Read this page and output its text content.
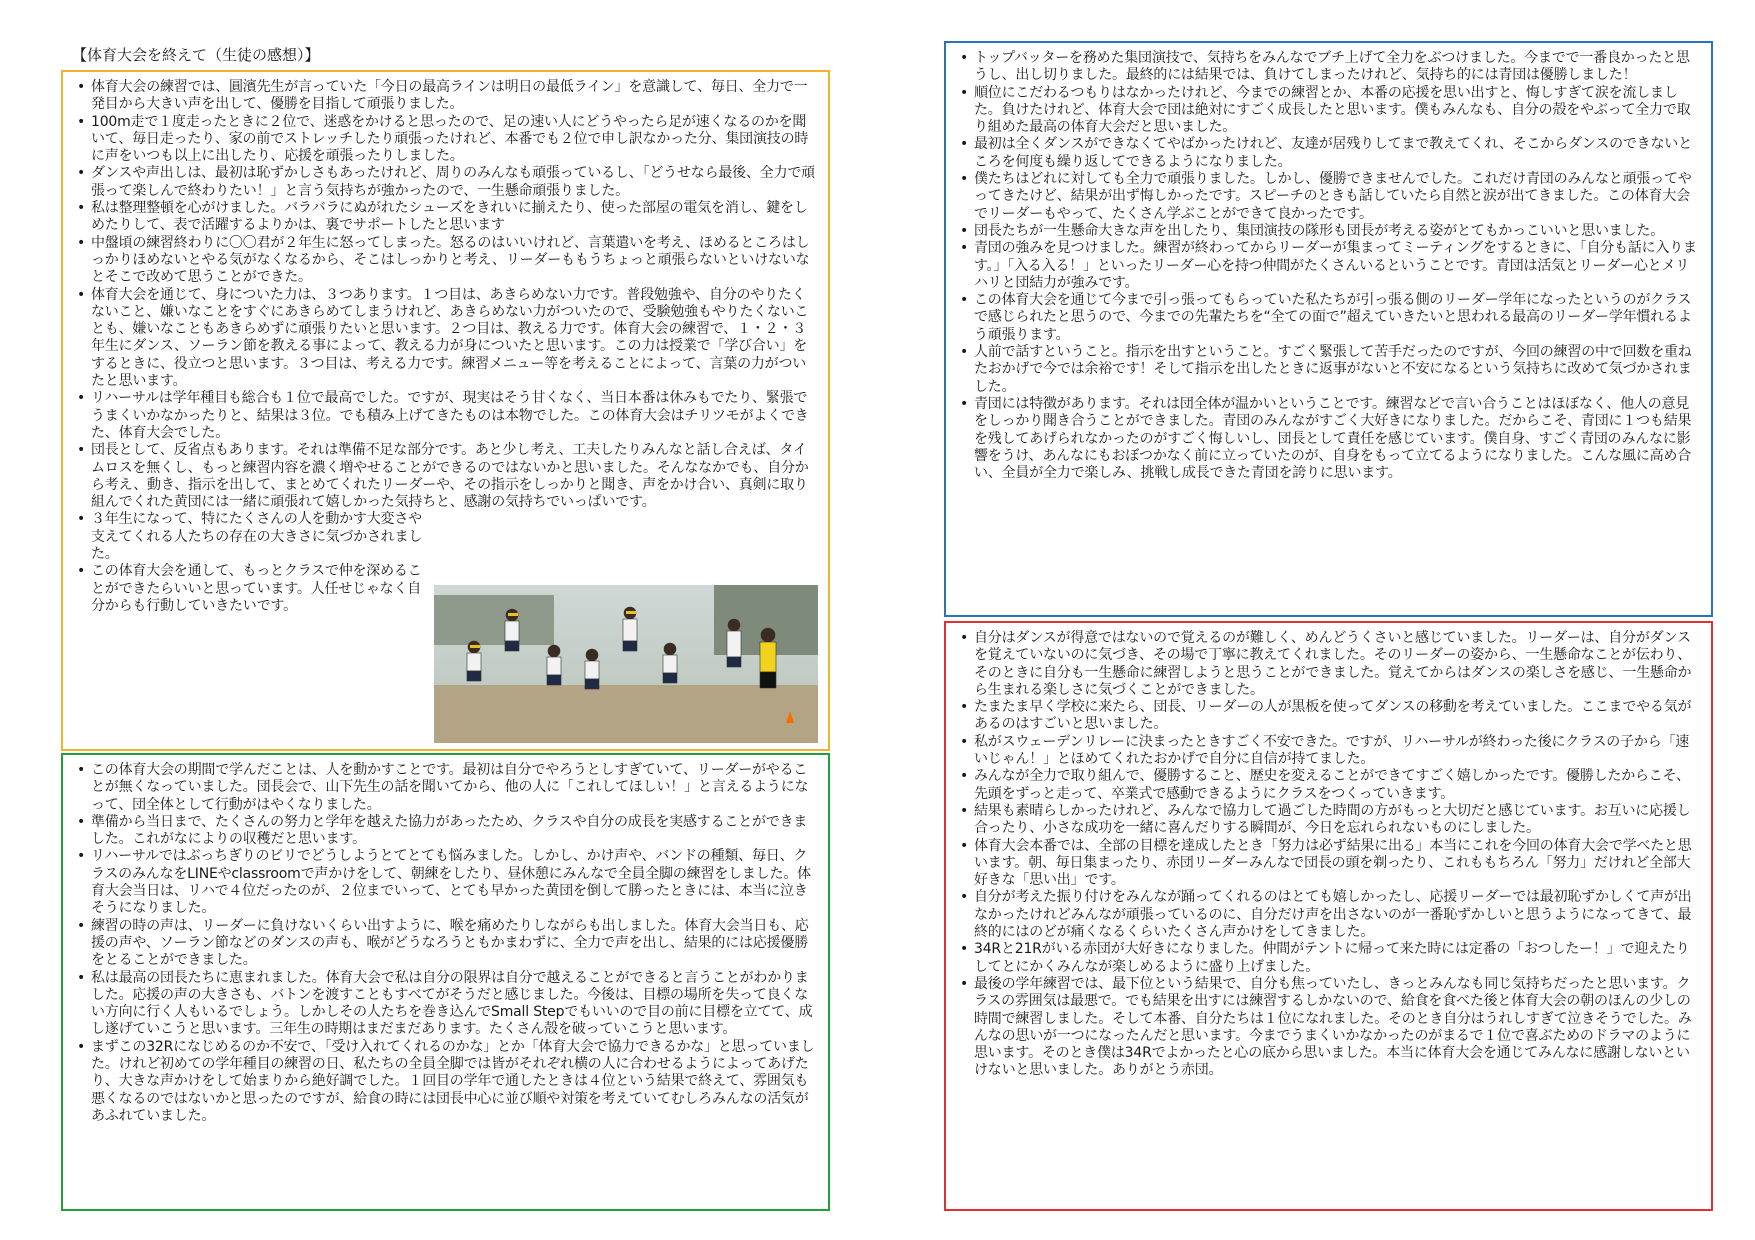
【体育大会を終えて（生徒の感想）】
• 体育大会の練習では、圓濱先生が言っていた「今日の最高ラインは明日の最低ライン」を意識して、毎日、全力で一発目から大きい声を出して、優勝を目指して頑張りました。
• 100m走で１度走ったときに２位で、迷惑をかけると思ったので、足の速い人にどうやったら足が速くなるのかを聞いて、毎日走ったり、家の前でストレッチしたり頑張ったけれど、本番でも２位で申し訳なかった分、集団演技の時に声をいつも以上に出したり、応援を頑張ったりしました。
• ダンスや声出しは、最初は恥ずかしさもあったけれど、周りのみんなも頑張っているし、「どうせなら最後、全力で頑張って楽しんで終わりたい！」と言う気持ちが強かったので、一生懸命頑張りました。
• 私は整理整頓を心がけました。バラバラにぬがれたシューズをきれいに揃えたり、使った部屋の電気を消し、鍵をしめたりして、表で活躍するよりかは、裏でサポートしたと思います
• 中盤頃の練習終わりに〇〇君が２年生に怒ってしまった。怒るのはいいけれど、言葉遣いを考え、ほめるところはしっかりほめないとやる気がなくなるから、そこはしっかりと考え、リーダーももうちょっと頑張らないといけないなとそこで改めて思うことができた。
• 体育大会を通じて、身についた力は、３つあります。１つ目は、あきらめない力です。普段勉強や、自分のやりたくないこと、嫌いなことをすぐにあきらめてしまうけれど、あきらめない力がついたので、受験勉強もやりたくないことも、嫌いなこともあきらめずに頑張りたいと思います。２つ目は、教える力です。体育大会の練習で、１・２・３年生にダンス、ソーラン節を教える事によって、教える力が身についたと思います。この力は授業で「学び合い」をするときに、役立つと思います。３つ目は、考える力です。練習メニュー等を考えることによって、言葉の力がついたと思います。
• リハーサルは学年種目も総合も１位で最高でした。ですが、現実はそう甘くなく、当日本番は休みもでたり、緊張でうまくいかなかったりと、結果は３位。でも積み上げてきたものは本物でした。この体育大会はチリツモがよくできた、体育大会でした。
• 団長として、反省点もあります。それは準備不足な部分です。あと少し考え、工夫したりみんなと話し合えば、タイムロスを無くし、もっと練習内容を濃く増やせることができるのではないかと思いました。そんななかでも、自分から考え、動き、指示を出して、まとめてくれたリーダーや、その指示をしっかりと聞き、声をかけ合い、真剣に取り組んでくれた黄団には一緒に頑張れて嬉しかった気持ちと、感謝の気持ちでいっぱいです。
• ３年生になって、特にたくさんの人を動かす大変さや支えてくれる人たちの存在の大きさに気づかされました。
• この体育大会を通して、もっとクラスで仲を深めることができたらいいと思っています。人任せじゃなく自分からも行動していきたいです。
• この体育大会の期間で学んだことは、人を動かすことです。最初は自分でやろうとしすぎていて、リーダーがやることが無くなっていました。団長会で、山下先生の話を聞いてから、他の人に「これしてほしい！」と言えるようになって、団全体として行動がはやくなりました。
• 準備から当日まで、たくさんの努力と学年を越えた協力があったため、クラスや自分の成長を実感することができました。これがなによりの収穫だと思います。
• リハーサルではぶっちぎりのビリでどうしようとてとても悩みました。しかし、かけ声や、バンドの種類、毎日、クラスのみんなをLINEやclassroomで声かけをして、朝練をしたり、昼休憩にみんなで全員全脚の練習をしました。体育大会当日は、リハで４位だったのが、２位までいって、とても早かった黄団を倒して勝ったときには、本当に泣きそうになりました。
• 練習の時の声は、リーダーに負けないくらい出すように、喉を痛めたりしながらも出しました。体育大会当日も、応援の声や、ソーラン節などのダンスの声も、喉がどうなろうともかまわずに、全力で声を出し、結果的には応援優勝をとることができました。
• 私は最高の団長たちに恵まれました。体育大会で私は自分の限界は自分で越えることができると言うことがわかりました。応援の声の大きさも、バトンを渡すこともすべてがそうだと感じました。今後は、目標の場所を失って良くない方向に行く人もいるでしょう。しかしその人たちを巻き込んでSmall Stepでもいいので目の前に目標を立てて、成し遂げていこうと思います。三年生の時期はまだまだあります。たくさん殻を破っていこうと思います。
• まずこの32Rになじめるのか不安で、「受け入れてくれるのかな」とか「体育大会で協力できるかな」と思っていました。けれど初めての学年種目の練習の日、私たちの全員全脚では皆がそれぞれ横の人に合わせるようによってあげたり、大きな声かけをして始まりから絶好調でした。１回目の学年で通したときは４位という結果で終えて、雰囲気も悪くなるのではないかと思ったのですが、給食の時には団長中心に並び順や対策を考えていてむしろみんなの活気があふれていました。
• トップバッターを務めた集団演技で、気持ちをみんなでブチ上げて全力をぶつけました。今までで一番良かったと思うし、出し切りました。最終的には結果では、負けてしまったけれど、気持ち的には青団は優勝しました！
• 順位にこだわるつもりはなかったけれど、今までの練習とか、本番の応援を思い出すと、悔しすぎて涙を流しました。負けたけれど、体育大会で団は絶対にすごく成長したと思います。僕もみんなも、自分の殻をやぶって全力で取り組めた最高の体育大会だと思いました。
• 最初は全くダンスができなくてやばかったけれど、友達が居残りしてまで教えてくれ、そこからダンスのできないところを何度も繰り返してできるようになりました。
• 僕たちはどれに対しても全力で頑張りました。しかし、優勝できませんでした。これだけ青団のみんなと頑張ってやってきたけど、結果が出ず悔しかったです。スピーチのときも話していたら自然と涙が出てきました。この体育大会でリーダーもやって、たくさん学ぶことができて良かったです。
• 団長たちが一生懸命大きな声を出したり、集団演技の隊形も団長が考える姿がとてもかっこいいと思いました。
• 青団の強みを見つけました。練習が終わってからリーダーが集まってミーティングをするときに、「自分も話に入ります。」「入る入る！」といったリーダー心を持つ仲間がたくさんいるということです。青団は活気とリーダー心とメリハリと団結力が強みです。
• この体育大会を通じて今まで引っ張ってもらっていた私たちが引っ張る側のリーダー学年になったというのがクラスで感じられたと思うので、今までの先輩たちを“全ての面で”超えていきたいと思われる最高のリーダー学年慣れるよう頑張ります。
• 人前で話すということ。指示を出すということ。すごく緊張して苦手だったのですが、今回の練習の中で回数を重ねたおかげで今では余裕です！そして指示を出したときに返事がないと不安になるという気持ちに改めて気づかされました。
• 青団には特徴があります。それは団全体が温かいということです。練習などで言い合うことはほぼなく、他人の意見をしっかり聞き合うことができました。青団のみんながすごく大好きになりました。だからこそ、青団に１つも結果を残してあげられなかったのがすごく悔しいし、団長として責任を感じています。僕自身、すごく青団のみんなに影響をうけ、あんなにもおぼつかなく前に立っていたのが、自身をもって立てるようになりました。こんな風に高め合い、全員が全力で楽しみ、挑戦し成長できた青団を誇りに思います。
• 自分はダンスが得意ではないので覚えるのが難しく、めんどうくさいと感じていました。リーダーは、自分がダンスを覚えていないのに気づき、その場で丁寧に教えてくれました。そのリーダーの姿から、一生懸命なことが伝わり、そのときに自分も一生懸命に練習しようと思うことができました。覚えてからはダンスの楽しさを感じ、一生懸命から生まれる楽しさに気づくことができました。
• たまたま早く学校に来たら、団長、リーダーの人が黒板を使ってダンスの移動を考えていました。ここまでやる気があるのはすごいと思いました。
• 私がスウェーデンリレーに決まったときすごく不安できた。ですが、リハーサルが終わった後にクラスの子から「速いじゃん！」とほめてくれたおかげで自分に自信が持てました。
• みんなが全力で取り組んで、優勝すること、歴史を変えることができてすごく嬉しかったです。優勝したからこそ、先頭をずっと走って、卒業式で感動できるようにクラスをつくっていきます。
• 結果も素晴らしかったけれど、みんなで協力して過ごした時間の方がもっと大切だと感じています。お互いに応援し合ったり、小さな成功を一緒に喜んだりする瞬間が、今日を忘れられないものにしました。
• 体育大会本番では、全部の目標を達成したとき「努力は必ず結果に出る」本当にこれを今回の体育大会で学べたと思います。朝、毎日集まったり、赤団リーダーみんなで団長の頭を剃ったり、これももちろん「努力」だけれど全部大好きな「思い出」です。
• 自分が考えた振り付けをみんなが踊ってくれるのはとても嬉しかったし、応援リーダーでは最初恥ずかしくて声が出なかったけれどみんなが頑張っているのに、自分だけ声を出さないのが一番恥ずかしいと思うようになってきて、最終的にはのどが痛くなるくらいたくさん声かけをしてきました。
• 34Rと21Rがいる赤団が大好きになりました。仲間がテントに帰って来た時には定番の「おつしたー！」で迎えたりしてとにかくみんなが楽しめるように盛り上げました。
• 最後の学年練習では、最下位という結果で、自分も焦っていたし、きっとみんなも同じ気持ちだったと思います。クラスの雰囲気は最悪で。でも結果を出すには練習するしかないので、給食を食べた後と体育大会の朝のほんの少しの時間で練習しました。そして本番、自分たちは１位になれました。そのとき自分はうれしすぎて泣きそうでした。みんなの思いが一つになったんだと思います。今までうまくいかなかったのがまるで１位で喜ぶためのドラマのように思います。そのとき僕は34Rでよかったと心の底から思いました。本当に体育大会を通じてみんなに感謝しないといけないと思いました。ありがとう赤団。
